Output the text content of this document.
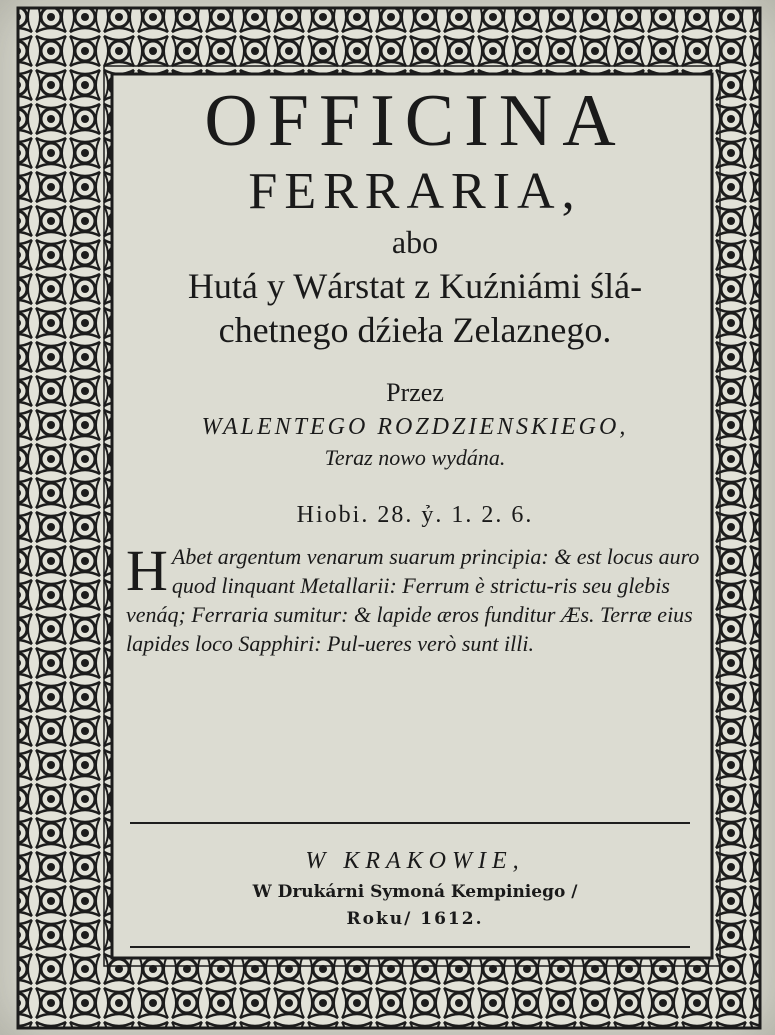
OFFICINA
FERRARIA,

abo

Hutá y Wárstat z Kuźniámi ślá-

chetnego dźieła Zelaznego.

Przez

WALENTEGO ROZDZIENSKIEGO,

Teraz nowo wydána.

Hiobi. 28. ỷ. 1. 2. 6.

H Abet argentum venarum suarum principia: & est locus auro quod linquant Metallarii: Ferrum è strictu-ris seu glebis venáq; Ferraria sumitur: & lapide æros funditur Æs. Terræ eius lapides loco Sapphiri: Pul-ueres verò sunt illi.

W KRAKOWIE,

W Drukárni Symoná Kempiniego /

Roku/ 1612.
